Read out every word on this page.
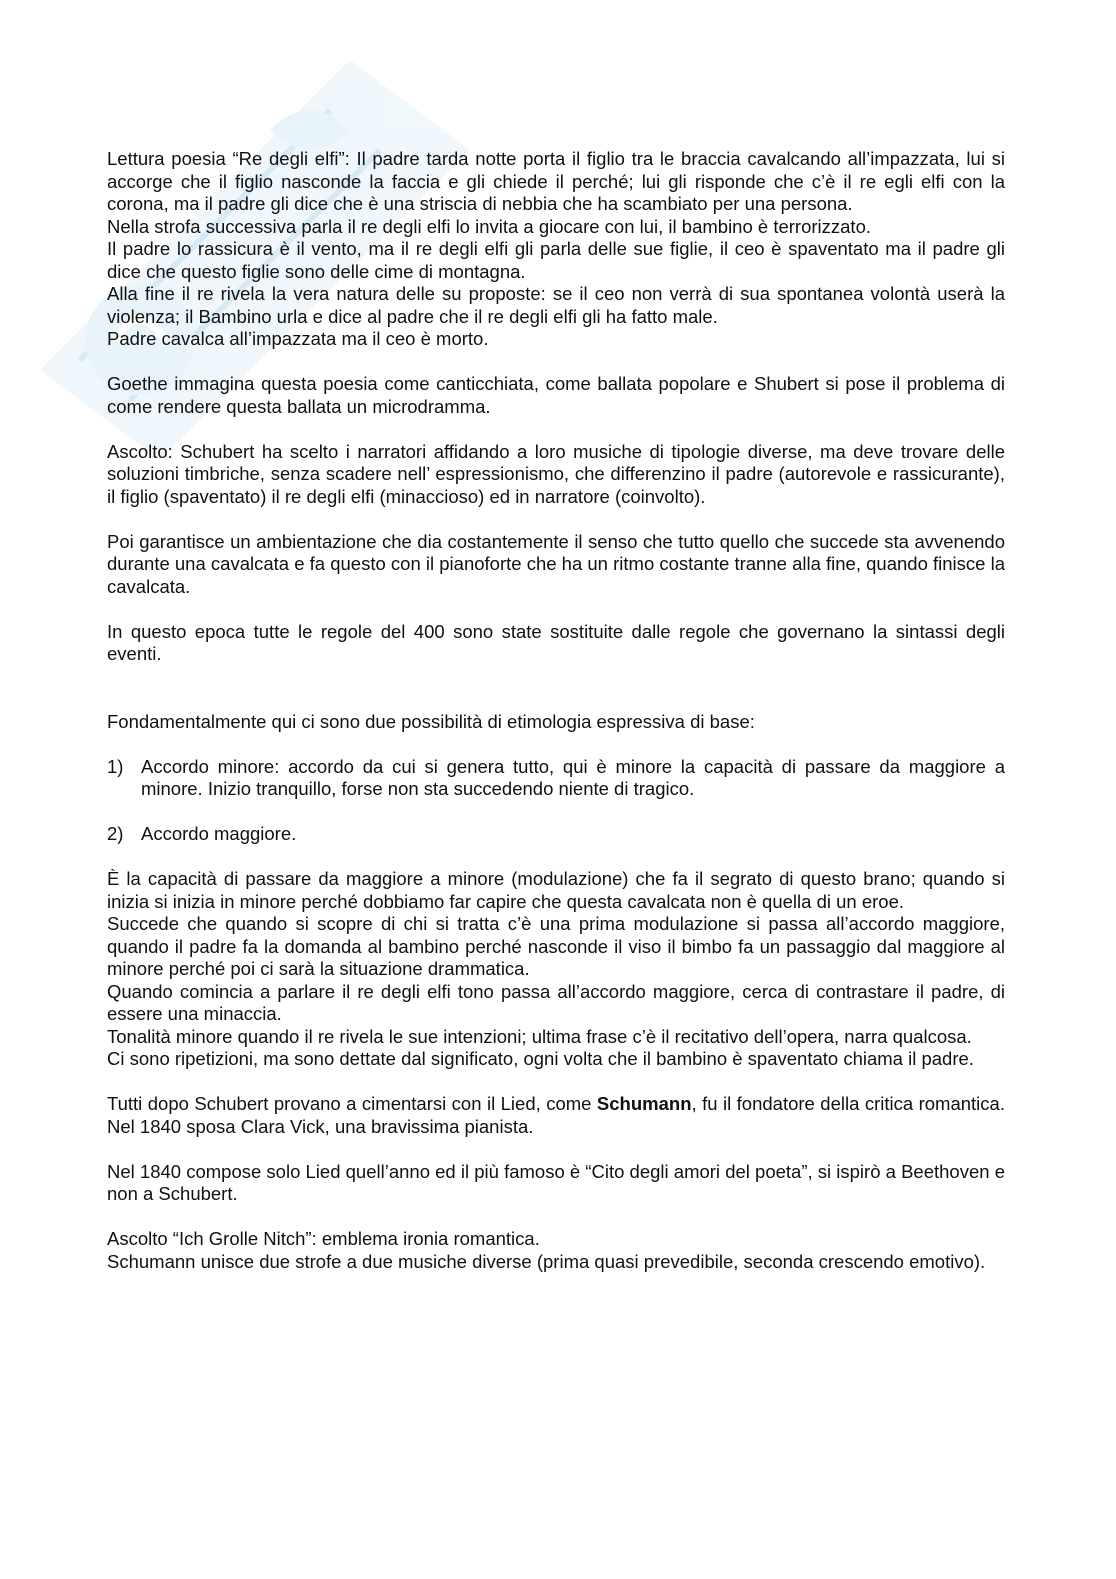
Lettura poesia “Re degli elfi”: Il padre tarda notte porta il figlio tra le braccia cavalcando all’impazzata, lui si accorge che il figlio nasconde la faccia e gli chiede il perché; lui gli risponde che c’è il re egli elfi con la corona, ma il padre gli dice che è una striscia di nebbia che ha scambiato per una persona.

Nella strofa successiva parla il re degli elfi lo invita a giocare con lui, il bambino è terrorizzato.

Il padre lo rassicura è il vento, ma il re degli elfi gli parla delle sue figlie, il ceo è spaventato ma il padre gli dice che questo figlie sono delle cime di montagna.

Alla fine il re rivela la vera natura delle su proposte: se il ceo non verrà di sua spontanea volontà userà la violenza; il Bambino urla e dice al padre che il re degli elfi gli ha fatto male.

Padre cavalca all’impazzata ma il ceo è morto.

Goethe immagina questa poesia come canticchiata, come ballata popolare e Shubert si pose il problema di come rendere questa ballata un microdramma.

Ascolto: Schubert ha scelto i narratori affidando a loro musiche di tipologie diverse, ma deve trovare delle soluzioni timbriche, senza scadere nell’ espressionismo, che differenzino il padre (autorevole e rassicurante), il figlio (spaventato) il re degli elfi (minaccioso) ed in narratore (coinvolto).

Poi garantisce un ambientazione che dia costantemente il senso che tutto quello che succede sta avvenendo durante una cavalcata e fa questo con il pianoforte che ha un ritmo costante tranne alla fine, quando finisce la cavalcata.

In questo epoca tutte le regole del 400 sono state sostituite dalle regole che governano la sintassi degli eventi.

Fondamentalmente qui ci sono due possibilità di etimologia espressiva di base:

1) Accordo minore: accordo da cui si genera tutto, qui è minore la capacità di passare da maggiore a minore. Inizio tranquillo, forse non sta succedendo niente di tragico.
2) Accordo maggiore.

È la capacità di passare da maggiore a minore (modulazione) che fa il segrato di questo brano; quando si inizia si inizia in minore perché dobbiamo far capire che questa cavalcata non è quella di un eroe.

Succede che quando si scopre di chi si tratta c’è una prima modulazione si passa all’accordo maggiore, quando il padre fa la domanda al bambino perché nasconde il viso il bimbo fa un passaggio dal maggiore al minore perché poi ci sarà la situazione drammatica.

Quando comincia a parlare il re degli elfi tono passa all’accordo maggiore, cerca di contrastare il padre, di essere una minaccia.

Tonalità minore quando il re rivela le sue intenzioni; ultima frase c’è il recitativo dell’opera, narra qualcosa.

Ci sono ripetizioni, ma sono dettate dal significato, ogni volta che il bambino è spaventato chiama il padre.

Tutti dopo Schubert provano a cimentarsi con il Lied, come Schumann, fu il fondatore della critica romantica. Nel 1840 sposa Clara Vick, una bravissima pianista.

Nel 1840 compose solo Lied quell’anno ed il più famoso è “Cito degli amori del poeta”, si ispirò a Beethoven e non a Schubert.

Ascolto “Ich Grolle Nitch”: emblema ironia romantica.

Schumann unisce due strofe a due musiche diverse (prima quasi prevedibile, seconda crescendo emotivo).
